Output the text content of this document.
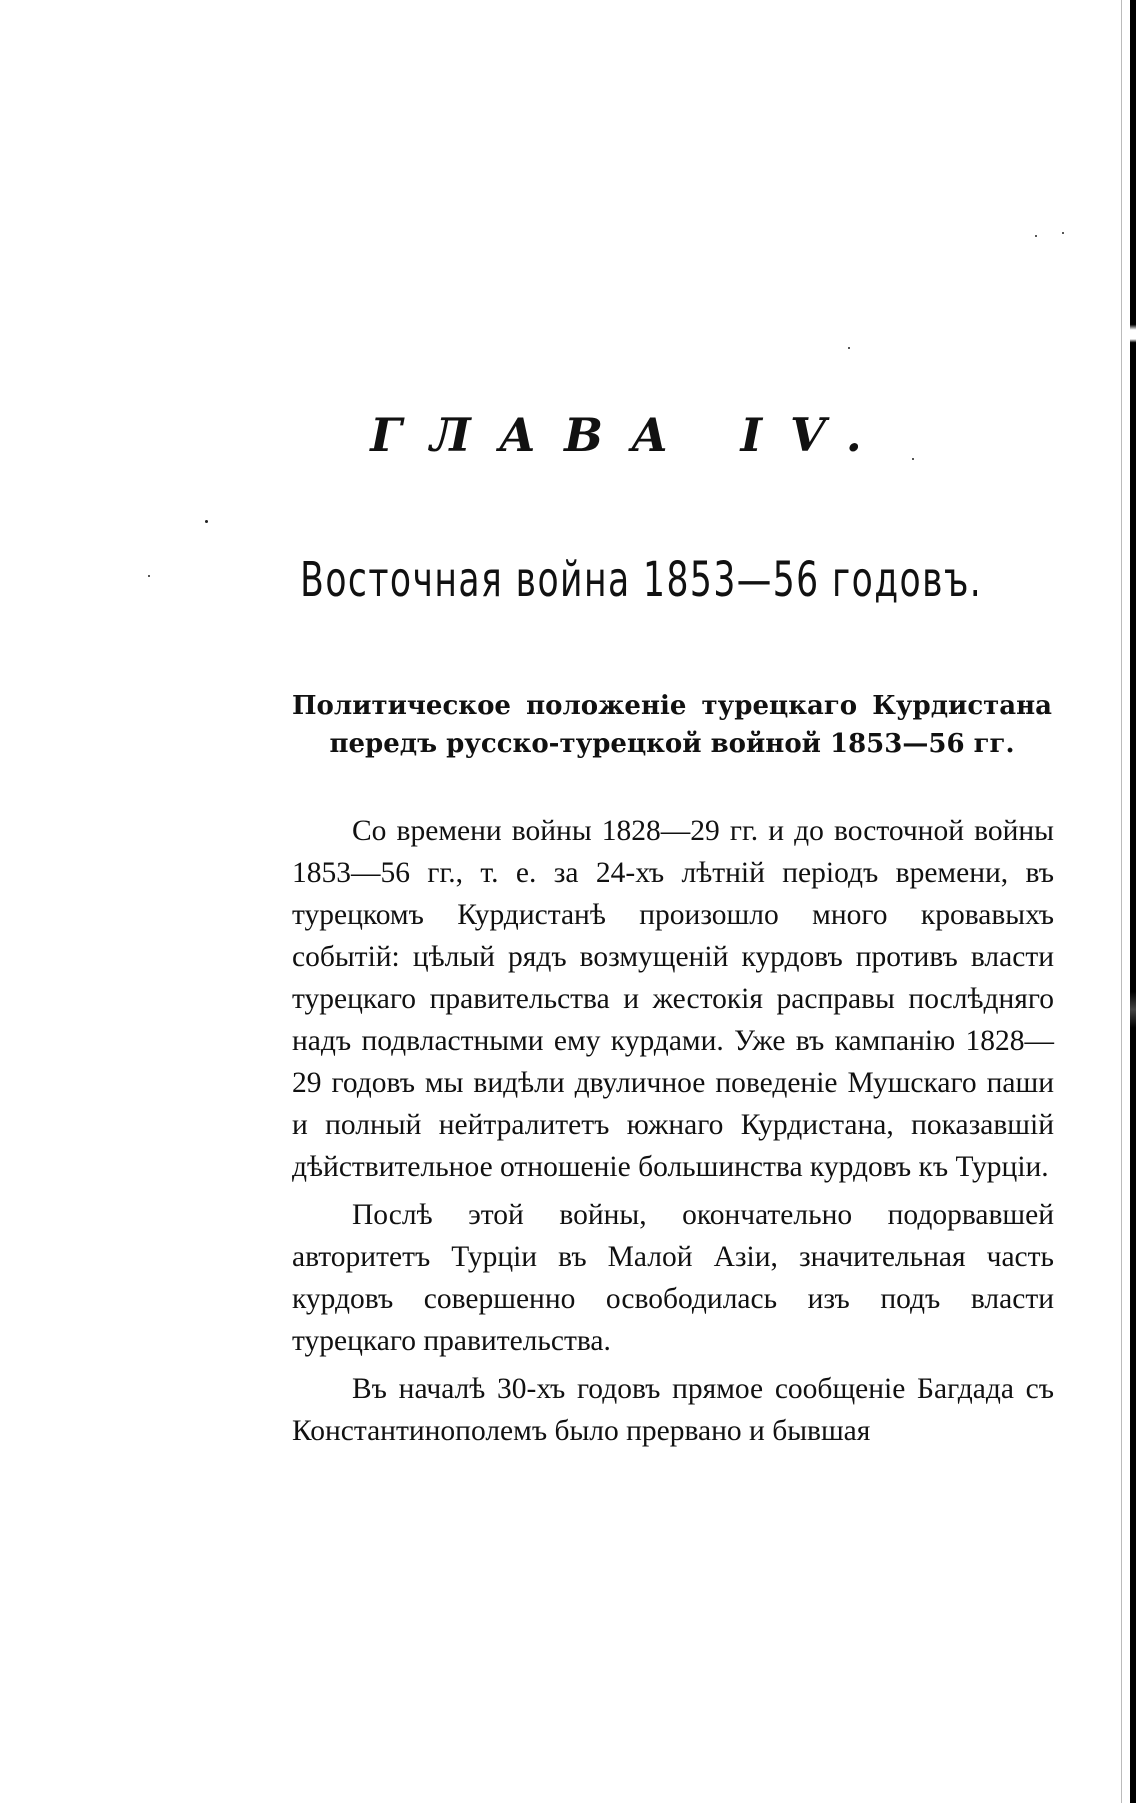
ГЛАВА IV.
Восточная война 1853—56 годовъ.
Политическое положеніе турецкаго Курдистана передъ русско-турецкой войной 1853—56 гг.

Со времени войны 1828—29 гг. и до восточной войны 1853—56 гг., т. е. за 24-хъ лѣтній періодъ времени, въ турецкомъ Курдистанѣ произошло много кровавыхъ событій: цѣлый рядъ возмущеній курдовъ противъ власти турецкаго правительства и жестокія расправы послѣдняго надъ подвластными ему курдами. Уже въ кампанію 1828—29 годовъ мы видѣли двуличное поведеніе Мушскаго паши и полный нейтралитетъ южнаго Курдистана, показавшій дѣйствительное отношеніе большинства курдовъ къ Турціи.

Послѣ этой войны, окончательно подорвавшей авторитетъ Турціи въ Малой Азіи, значительная часть курдовъ совершенно освободилась изъ подъ власти турецкаго правительства.

Въ началѣ 30-хъ годовъ прямое сообщеніе Багдада съ Константинополемъ было прервано и бывшая
